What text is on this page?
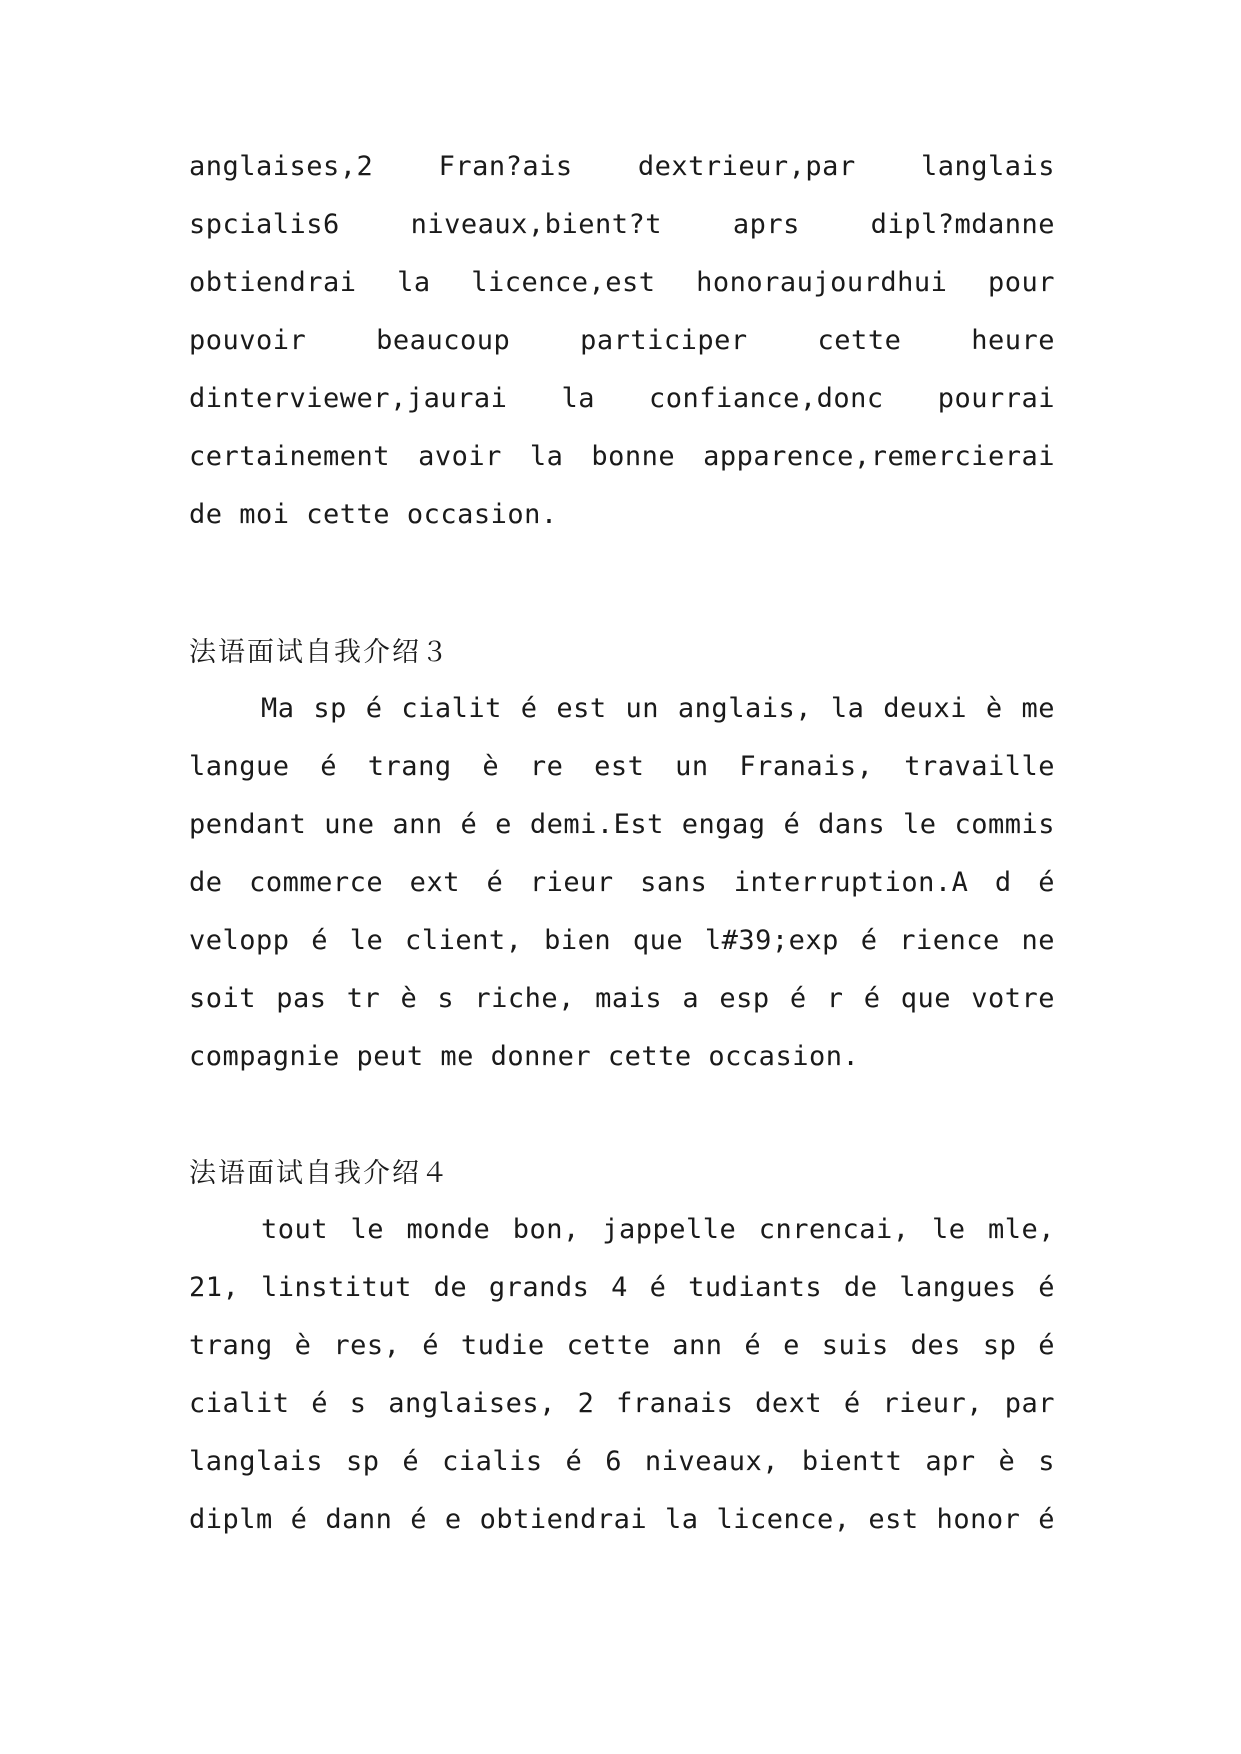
anglaises,2 Fran?ais dextrieur,par langlais
spcialis6 niveaux,bient?t aprs dipl?mdanne
obtiendrai la licence,est honoraujourdhui pour
pouvoir beaucoup participer cette heure
dinterviewer,jaurai la confiance,donc pourrai
certainement avoir la bonne apparence,remercierai
de moi cette occasion.
法语面试自我介绍３
Ma sp é cialit é est un anglais, la deuxi è me
langue é trang è re est un Franais, travaille
pendant une ann é e demi.Est engag é dans le commis
de commerce ext é rieur sans interruption.A d é
velopp é le client, bien que l#39;exp é rience ne
soit pas tr è s riche, mais a esp é r é que votre
compagnie peut me donner cette occasion.
法语面试自我介绍４
tout le monde bon, jappelle cnrencai, le mle,
21, linstitut de grands 4 é tudiants de langues é
trang è res, é tudie cette ann é e suis des sp é
cialit é s anglaises, 2 franais dext é rieur, par
langlais sp é cialis é 6 niveaux, bientt apr è s
diplm é dann é e obtiendrai la licence, est honor é
